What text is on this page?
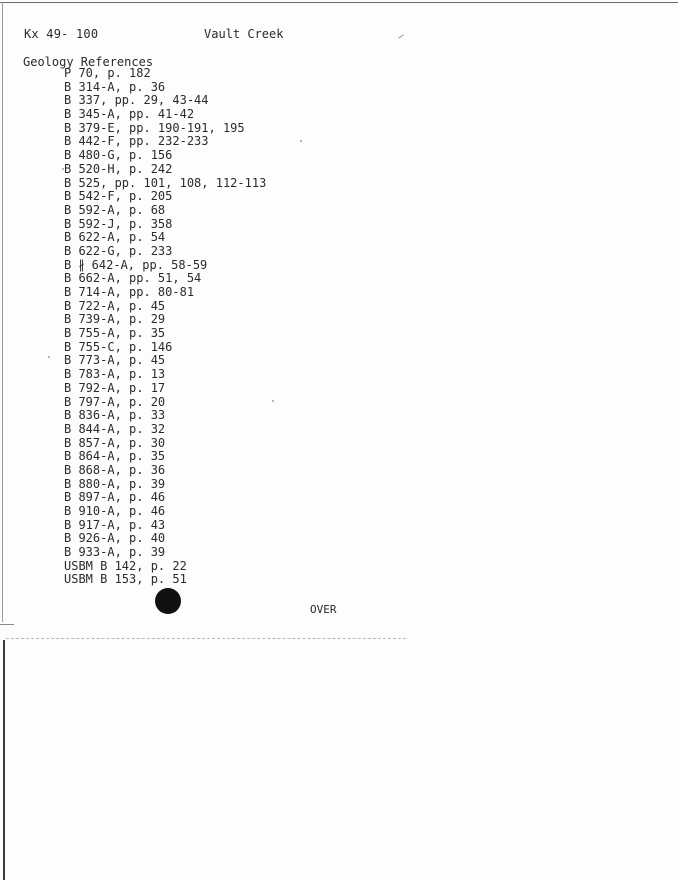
Kx 49- 100	Vault Creek
Geology References
P 70, p. 182
B 314-A, p. 36
B 337, pp. 29, 43-44
B 345-A, pp. 41-42
B 379-E, pp. 190-191, 195
B 442-F, pp. 232-233
B 480-G, p. 156
B 520-H, p. 242
B 525, pp. 101, 108, 112-113
B 542-F, p. 205
B 592-A, p. 68
B 592-J, p. 358
B 622-A, p. 54
B 622-G, p. 233
B ∦ 642-A, pp. 58-59
B 662-A, pp. 51, 54
B 714-A, pp. 80-81
B 722-A, p. 45
B 739-A, p. 29
B 755-A, p. 35
B 755-C, p. 146
B 773-A, p. 45
B 783-A, p. 13
B 792-A, p. 17
B 797-A, p. 20
B 836-A, p. 33
B 844-A, p. 32
B 857-A, p. 30
B 864-A, p. 35
B 868-A, p. 36
B 880-A, p. 39
B 897-A, p. 46
B 910-A, p. 46
B 917-A, p. 43
B 926-A, p. 40
B 933-A, p. 39
USBM B 142, p. 22
USBM B 153, p. 51
OVER
